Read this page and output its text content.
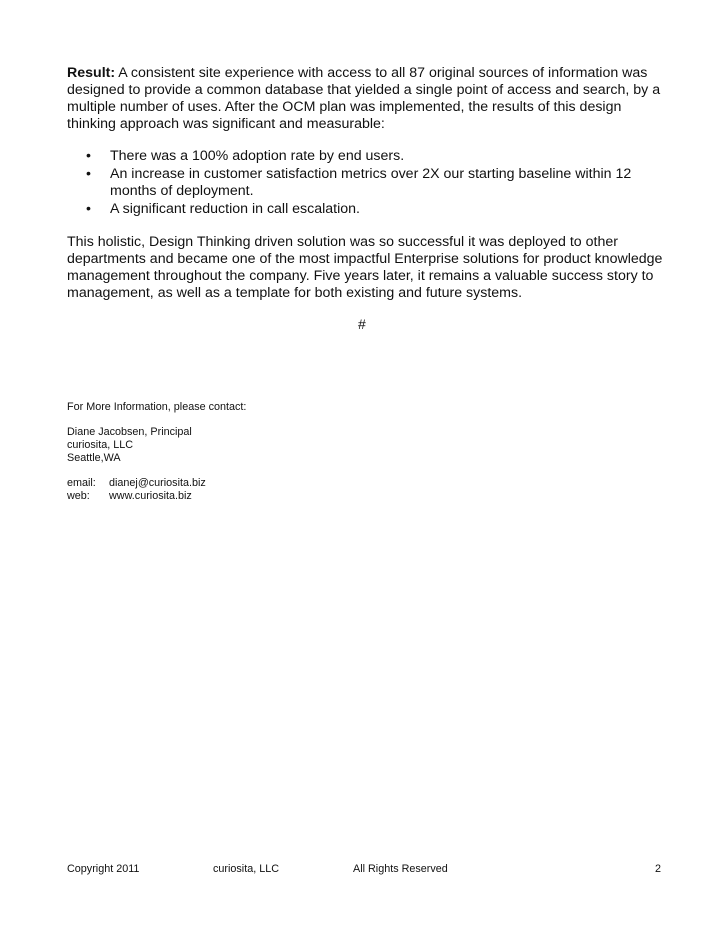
Result: A consistent site experience with access to all 87 original sources of information was designed to provide a common database that yielded a single point of access and search, by a multiple number of uses. After the OCM plan was implemented, the results of this design thinking approach was significant and measurable:

• There was a 100% adoption rate by end users.
• An increase in customer satisfaction metrics over 2X our starting baseline within 12 months of deployment.
• A significant reduction in call escalation.

This holistic, Design Thinking driven solution was so successful it was deployed to other departments and became one of the most impactful Enterprise solutions for product knowledge management throughout the company. Five years later, it remains a valuable success story to management, as well as a template for both existing and future systems.

#
For More Information, please contact:
Diane Jacobsen, Principal
curiosita, LLC
Seattle,WA
email:	dianej@curiosita.biz
web:	www.curiosita.biz
Copyright 2011	curiosita, LLC	All Rights Reserved	2
